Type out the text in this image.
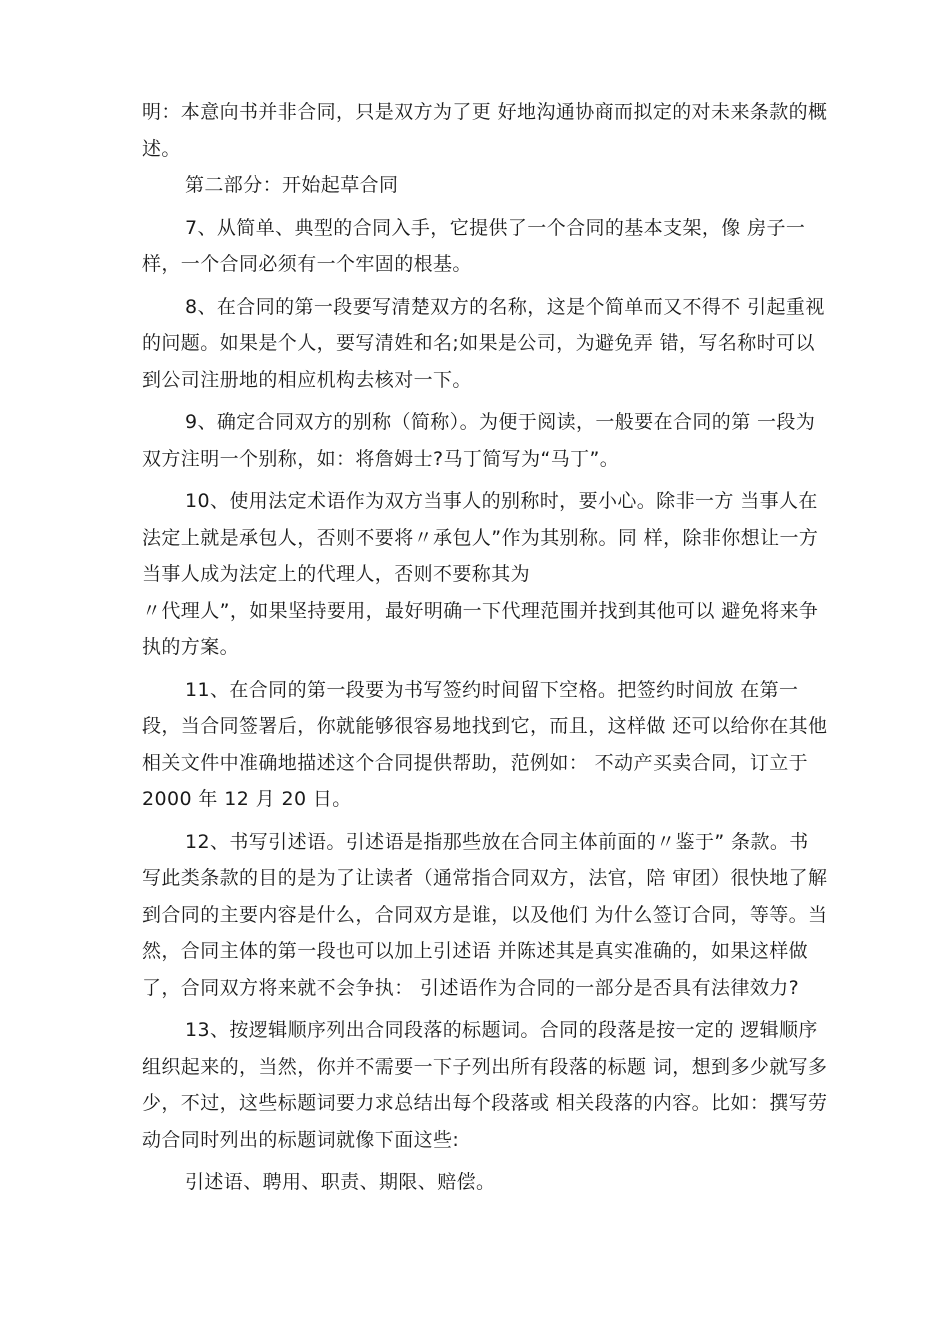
明：本意向书并非合同，只是双方为了更 好地沟通协商而拟定的对未来条款的概
述。
第二部分：开始起草合同
7、从简单、典型的合同入手，它提供了一个合同的基本支架，像 房子一
样，一个合同必须有一个牢固的根基。
8、在合同的第一段要写清楚双方的名称，这是个简单而又不得不 引起重视
的问题。如果是个人，要写清姓和名;如果是公司，为避免弄 错，写名称时可以
到公司注册地的相应机构去核对一下。
9、确定合同双方的别称（简称）。为便于阅读，一般要在合同的第 一段为
双方注明一个别称，如：将詹姆士?马丁简写为“马丁”。
10、使用法定术语作为双方当事人的别称时，要小心。除非一方 当事人在
法定上就是承包人，否则不要将〃承包人”作为其别称。同 样，除非你想让一方
当事人成为法定上的代理人，否则不要称其为
〃代理人”，如果坚持要用，最好明确一下代理范围并找到其他可以 避免将来争
执的方案。
11、在合同的第一段要为书写签约时间留下空格。把签约时间放 在第一
段，当合同签署后，你就能够很容易地找到它，而且，这样做 还可以给你在其他
相关文件中准确地描述这个合同提供帮助，范例如： 不动产买卖合同，订立于
2000 年 12 月 20 日。
12、书写引述语。引述语是指那些放在合同主体前面的〃鉴于” 条款。书
写此类条款的目的是为了让读者（通常指合同双方，法官，陪 审团）很快地了解
到合同的主要内容是什么，合同双方是谁，以及他们 为什么签订合同，等等。当
然，合同主体的第一段也可以加上引述语 并陈述其是真实准确的，如果这样做
了，合同双方将来就不会争执： 引述语作为合同的一部分是否具有法律效力?
13、按逻辑顺序列出合同段落的标题词。合同的段落是按一定的 逻辑顺序
组织起来的，当然，你并不需要一下子列出所有段落的标题 词，想到多少就写多
少，不过，这些标题词要力求总结出每个段落或 相关段落的内容。比如：撰写劳
动合同时列出的标题词就像下面这些:
引述语、聘用、职责、期限、赔偿。
